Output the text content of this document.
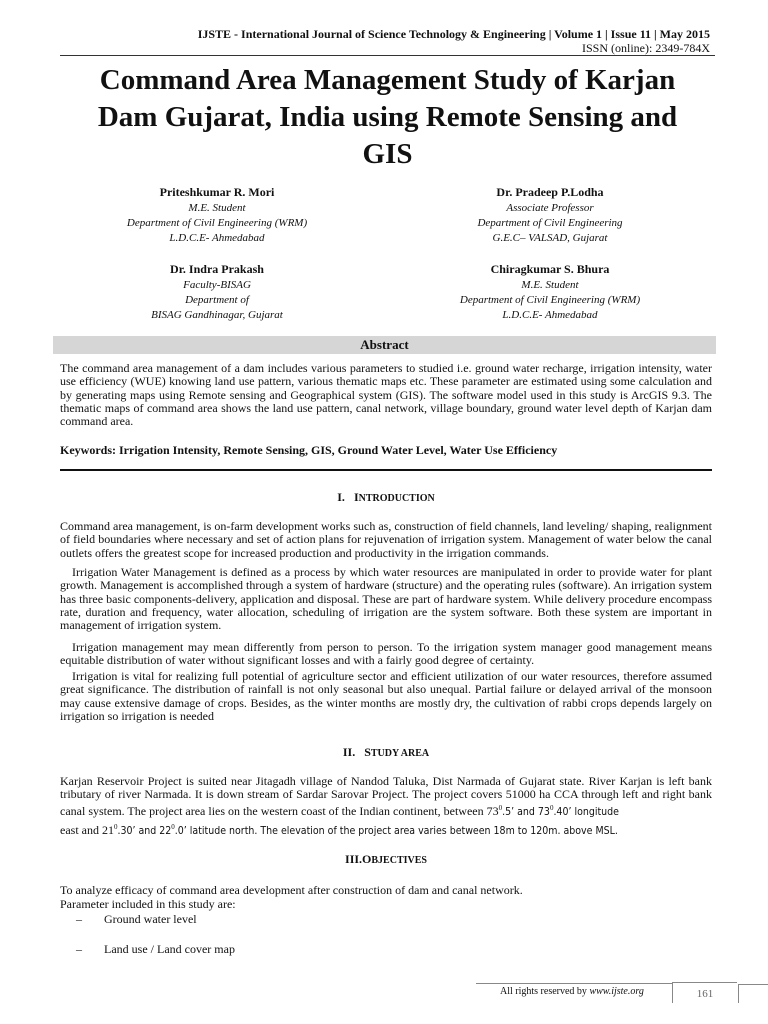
IJSTE - International Journal of Science Technology & Engineering | Volume 1 | Issue 11 | May 2015
ISSN (online): 2349-784X
Command Area Management Study of Karjan
Dam Gujarat, India using Remote Sensing and
GIS
Priteshkumar R. Mori
M.E. Student
Department of Civil Engineering (WRM)
L.D.C.E- Ahmedabad
Dr. Pradeep P.Lodha
Associate Professor
Department of Civil Engineering
G.E.C– VALSAD, Gujarat
Dr. Indra Prakash
Faculty-BISAG
Department of
BISAG Gandhinagar, Gujarat
Chiragkumar S. Bhura
M.E. Student
Department of Civil Engineering (WRM)
L.D.C.E- Ahmedabad
Abstract
The command area management of a dam includes various parameters to studied i.e. ground water recharge, irrigation intensity, water use efficiency (WUE) knowing land use pattern, various thematic maps etc. These parameter are estimated using some calculation and by generating maps using Remote sensing and Geographical system (GIS). The software model used in this study is ArcGIS 9.3. The thematic maps of command area shows the land use pattern, canal network, village boundary, ground water level depth of Karjan dam command area.
Keywords: Irrigation Intensity, Remote Sensing, GIS, Ground Water Level, Water Use Efficiency
I. INTRODUCTION
Command area management, is on-farm development works such as, construction of field channels, land leveling/ shaping, realignment of field boundaries where necessary and set of action plans for rejuvenation of irrigation system. Management of water below the canal outlets offers the greatest scope for increased production and productivity in the irrigation commands.
Irrigation Water Management is defined as a process by which water resources are manipulated in order to provide water for plant growth. Management is accomplished through a system of hardware (structure) and the operating rules (software). An irrigation system has three basic components-delivery, application and disposal. These are part of hardware system. While delivery procedure encompass rate, duration and frequency, water allocation, scheduling of irrigation are the system software. Both these system are important in management of irrigation system.
Irrigation management may mean differently from person to person. To the irrigation system manager good management means equitable distribution of water without significant losses and with a fairly good degree of certainty.
Irrigation is vital for realizing full potential of agriculture sector and efficient utilization of our water resources, therefore assumed great significance. The distribution of rainfall is not only seasonal but also unequal. Partial failure or delayed arrival of the monsoon may cause extensive damage of crops. Besides, as the winter months are mostly dry, the cultivation of rabbi crops depends largely on irrigation so irrigation is needed
II. STUDY AREA
Karjan Reservoir Project is suited near Jitagadh village of Nandod Taluka, Dist Narmada of Gujarat state. River Karjan is left bank tributary of river Narmada. It is down stream of Sardar Sarovar Project. The project covers 51000 ha CCA through left and right bank canal system. The project area lies on the western coast of the Indian continent, between $73^0.5$’ and $73^0.40$’ longitude
east and $21^0.30$’ and $22^0.0$’ latitude north. The elevation of the project area varies between 18m to 120m. above MSL.
III.OBJECTIVES
To analyze efficacy of command area development after construction of dam and canal network.
Parameter included in this study are:
– Ground water level
– Land use / Land cover map
All rights reserved by www.ijste.org	161
